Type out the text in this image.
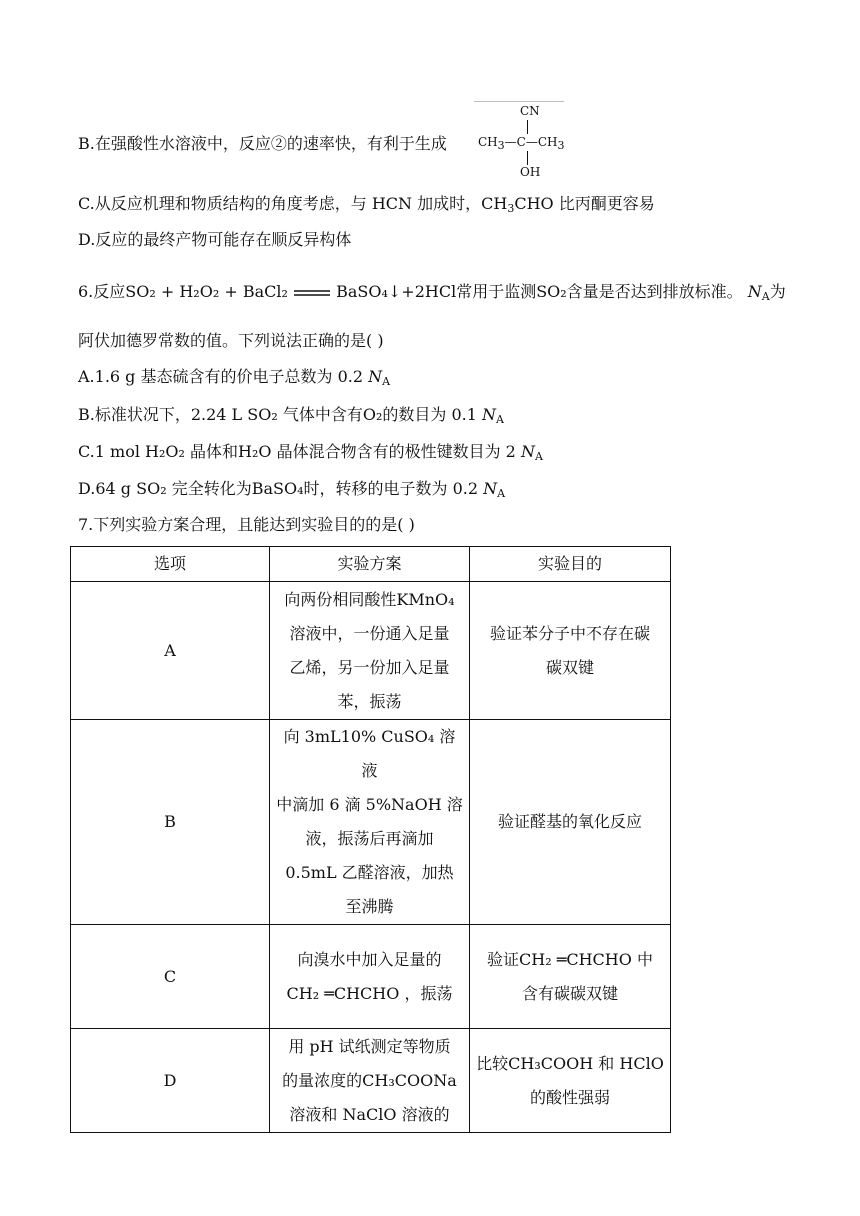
B.在强酸性水溶液中，反应②的速率快，有利于生成
CN
$CH_3—C—CH_3$
OH
C.从反应机理和物质结构的角度考虑，与 HCN 加成时，$CH_3CHO$ 比丙酮更容易
D.反应的最终产物可能存在顺反异构体
6.反应SO₂ + H₂O₂ + BaCl₂	BaSO₄↓+2HCl常用于监测SO₂含量是否达到排放标准。 $N_A$为
阿伏加德罗常数的值。下列说法正确的是( )
A.1.6 g 基态硫含有的价电子总数为 0.2 $N_A$
B.标准状况下，2.24 L SO₂ 气体中含有O₂的数目为 0.1 $N_A$
C.1 mol H₂O₂ 晶体和H₂O 晶体混合物含有的极性键数目为 2 $N_A$
D.64 g SO₂ 完全转化为BaSO₄时，转移的电子数为 0.2 $N_A$
7.下列实验方案合理，且能达到实验目的的是( )
选项	实验方案	实验目的
A	向两份相同酸性KMnO₄
溶液中，一份通入足量
乙烯，另一份加入足量
苯，振荡	验证苯分子中不存在碳
碳双键

B	向 3mL10% CuSO₄ 溶液
中滴加 6 滴 5%NaOH 溶
液，振荡后再滴加
0.5mL 乙醛溶液，加热
至沸腾	验证醛基的氧化反应

C	向溴水中加入足量的
CH₂ ═CHCHO ，振荡	验证CH₂ ═CHCHO 中
含有碳碳双键

D	用 pH 试纸测定等物质
的量浓度的CH₃COONa
溶液和 NaClO 溶液的	比较CH₃COOH 和 HClO
的酸性强弱
